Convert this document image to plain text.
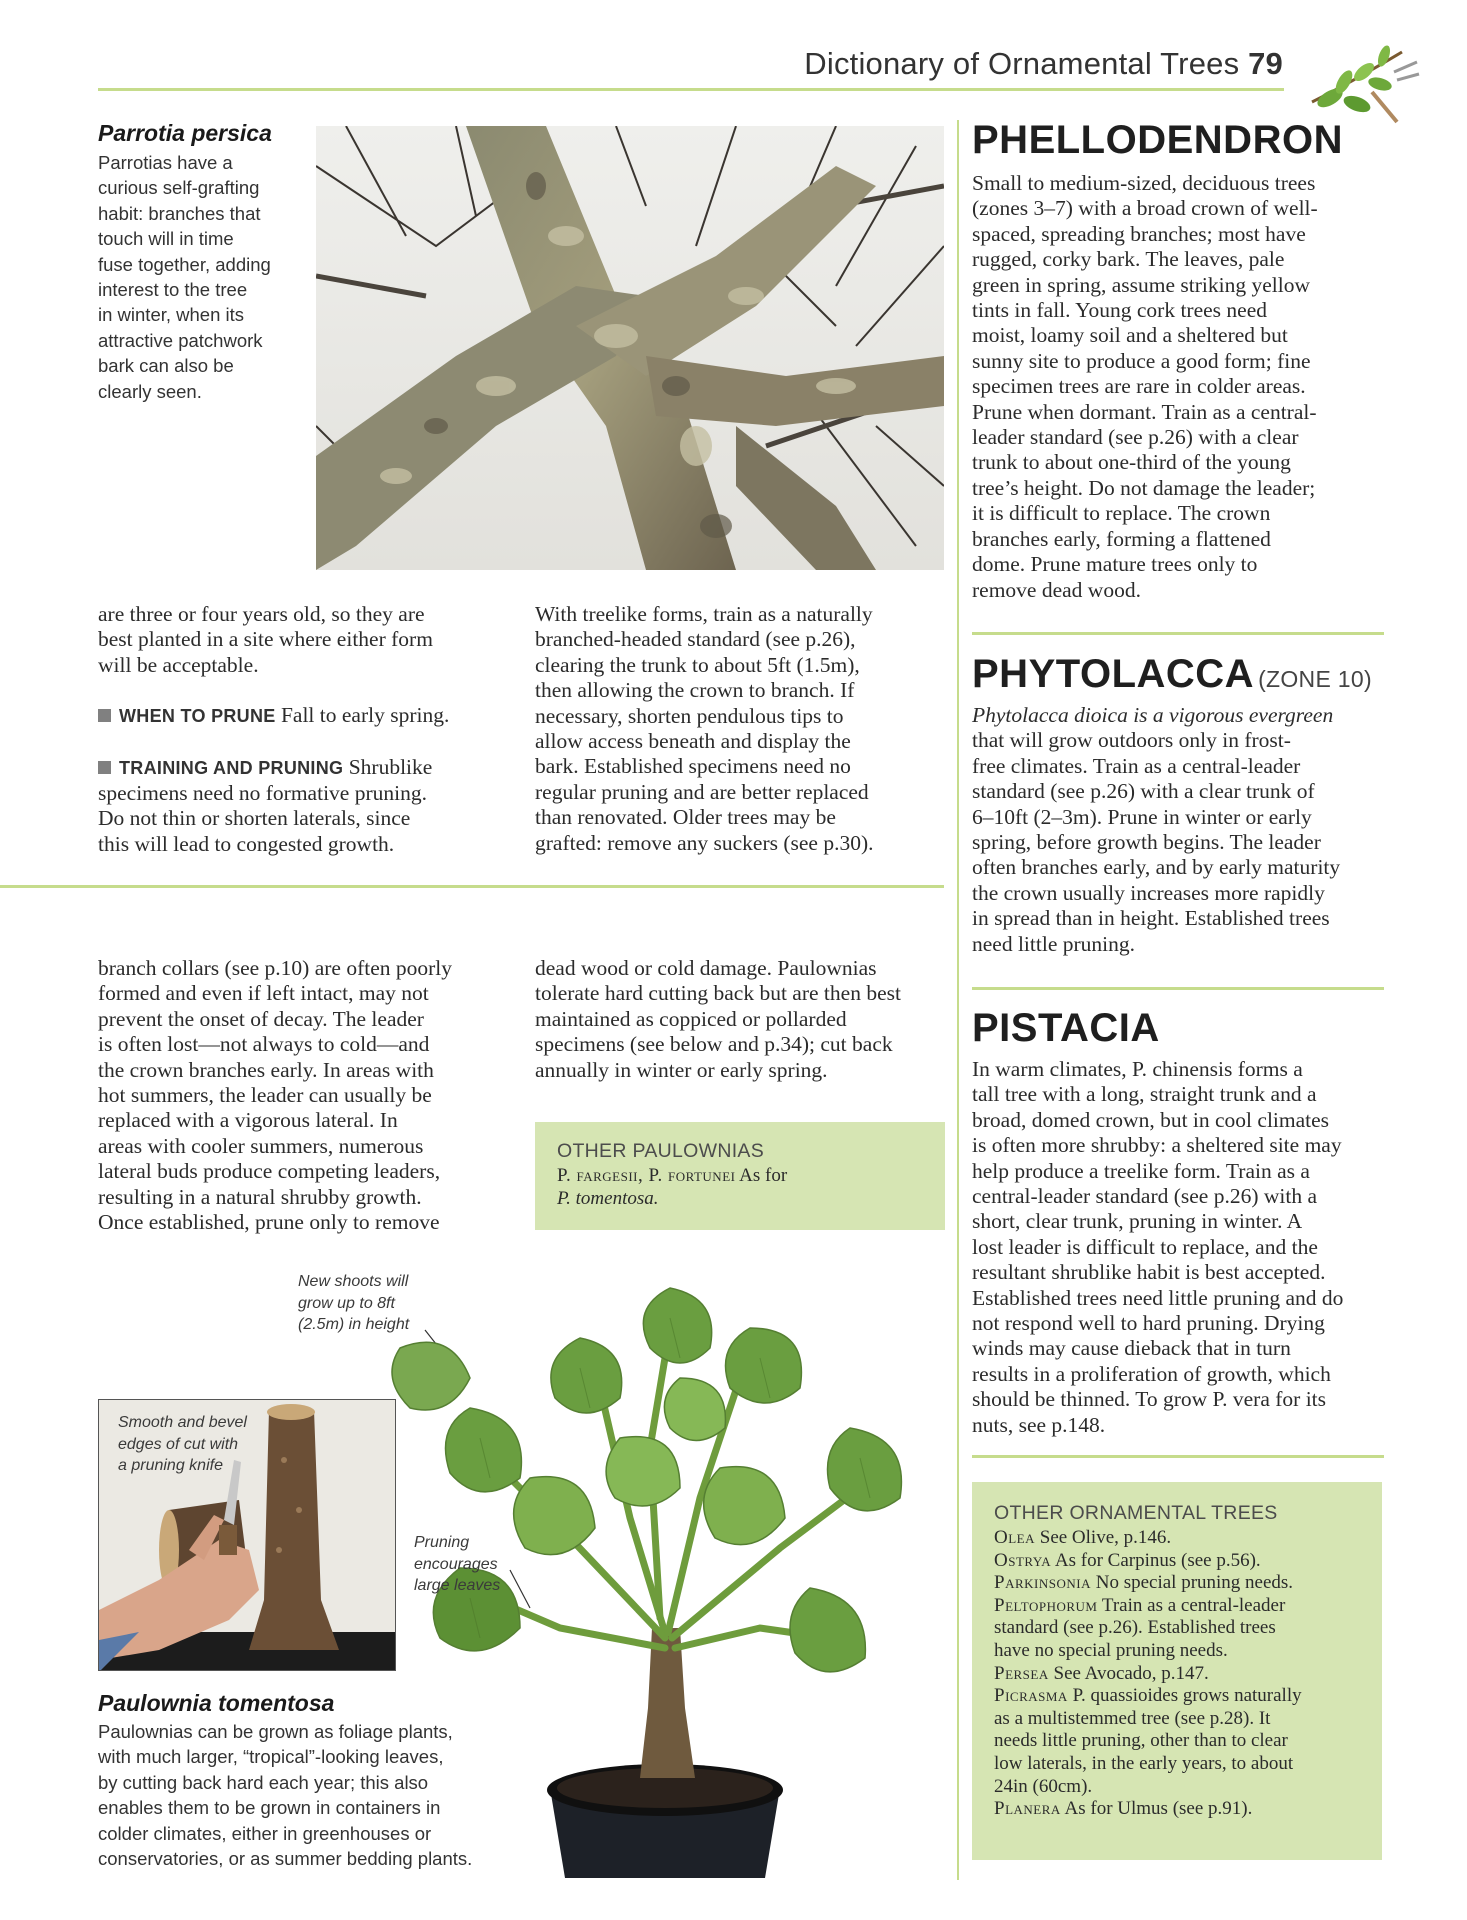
Dictionary of Ornamental Trees 79
Parrotia persica
Parrotias have a
curious self-grafting
habit: branches that
touch will in time
fuse together, adding
interest to the tree
in winter, when its
attractive patchwork
bark can also be
clearly seen.
are three or four years old, so they are
best planted in a site where either form
will be acceptable.
WHEN TO PRUNE Fall to early spring.
TRAINING AND PRUNING Shrublike
specimens need no formative pruning.
Do not thin or shorten laterals, since
this will lead to congested growth.
With treelike forms, train as a naturally
branched-headed standard (see p.26),
clearing the trunk to about 5ft (1.5m),
then allowing the crown to branch. If
necessary, shorten pendulous tips to
allow access beneath and display the
bark. Established specimens need no
regular pruning and are better replaced
than renovated. Older trees may be
grafted: remove any suckers (see p.30).
branch collars (see p.10) are often poorly
formed and even if left intact, may not
prevent the onset of decay. The leader
is often lost—not always to cold—and
the crown branches early. In areas with
hot summers, the leader can usually be
replaced with a vigorous lateral. In
areas with cooler summers, numerous
lateral buds produce competing leaders,
resulting in a natural shrubby growth.
Once established, prune only to remove
dead wood or cold damage. Paulownias
tolerate hard cutting back but are then best
maintained as coppiced or pollarded
specimens (see below and p.34); cut back
annually in winter or early spring.
OTHER PAULOWNIAS
P. fargesii, P. fortunei As for
P. tomentosa.
New shoots will
grow up to 8ft
(2.5m) in height
Smooth and bevel
edges of cut with
a pruning knife
Pruning
encourages
large leaves
Paulownia tomentosa
Paulownias can be grown as foliage plants,
with much larger, “tropical”-looking leaves,
by cutting back hard each year; this also
enables them to be grown in containers in
colder climates, either in greenhouses or
conservatories, or as summer bedding plants.
PHELLODENDRON
Small to medium-sized, deciduous trees
(zones 3–7) with a broad crown of well-
spaced, spreading branches; most have
rugged, corky bark. The leaves, pale
green in spring, assume striking yellow
tints in fall. Young cork trees need
moist, loamy soil and a sheltered but
sunny site to produce a good form; fine
specimen trees are rare in colder areas.
Prune when dormant. Train as a central-
leader standard (see p.26) with a clear
trunk to about one-third of the young
tree’s height. Do not damage the leader;
it is difficult to replace. The crown
branches early, forming a flattened
dome. Prune mature trees only to
remove dead wood.
PHYTOLACCA (ZONE 10)
Phytolacca dioica is a vigorous evergreen
that will grow outdoors only in frost-
free climates. Train as a central-leader
standard (see p.26) with a clear trunk of
6–10ft (2–3m). Prune in winter or early
spring, before growth begins. The leader
often branches early, and by early maturity
the crown usually increases more rapidly
in spread than in height. Established trees
need little pruning.
PISTACIA
In warm climates, P. chinensis forms a
tall tree with a long, straight trunk and a
broad, domed crown, but in cool climates
is often more shrubby: a sheltered site may
help produce a treelike form. Train as a
central-leader standard (see p.26) with a
short, clear trunk, pruning in winter. A
lost leader is difficult to replace, and the
resultant shrublike habit is best accepted.
Established trees need little pruning and do
not respond well to hard pruning. Drying
winds may cause dieback that in turn
results in a proliferation of growth, which
should be thinned. To grow P. vera for its
nuts, see p.148.
OTHER ORNAMENTAL TREES
Olea See Olive, p.146.
Ostrya As for Carpinus (see p.56).
Parkinsonia No special pruning needs.
Peltophorum Train as a central-leader
standard (see p.26). Established trees
have no special pruning needs.
Persea See Avocado, p.147.
Picrasma P. quassioides grows naturally
as a multistemmed tree (see p.28). It
needs little pruning, other than to clear
low laterals, in the early years, to about
24in (60cm).
Planera As for Ulmus (see p.91).
